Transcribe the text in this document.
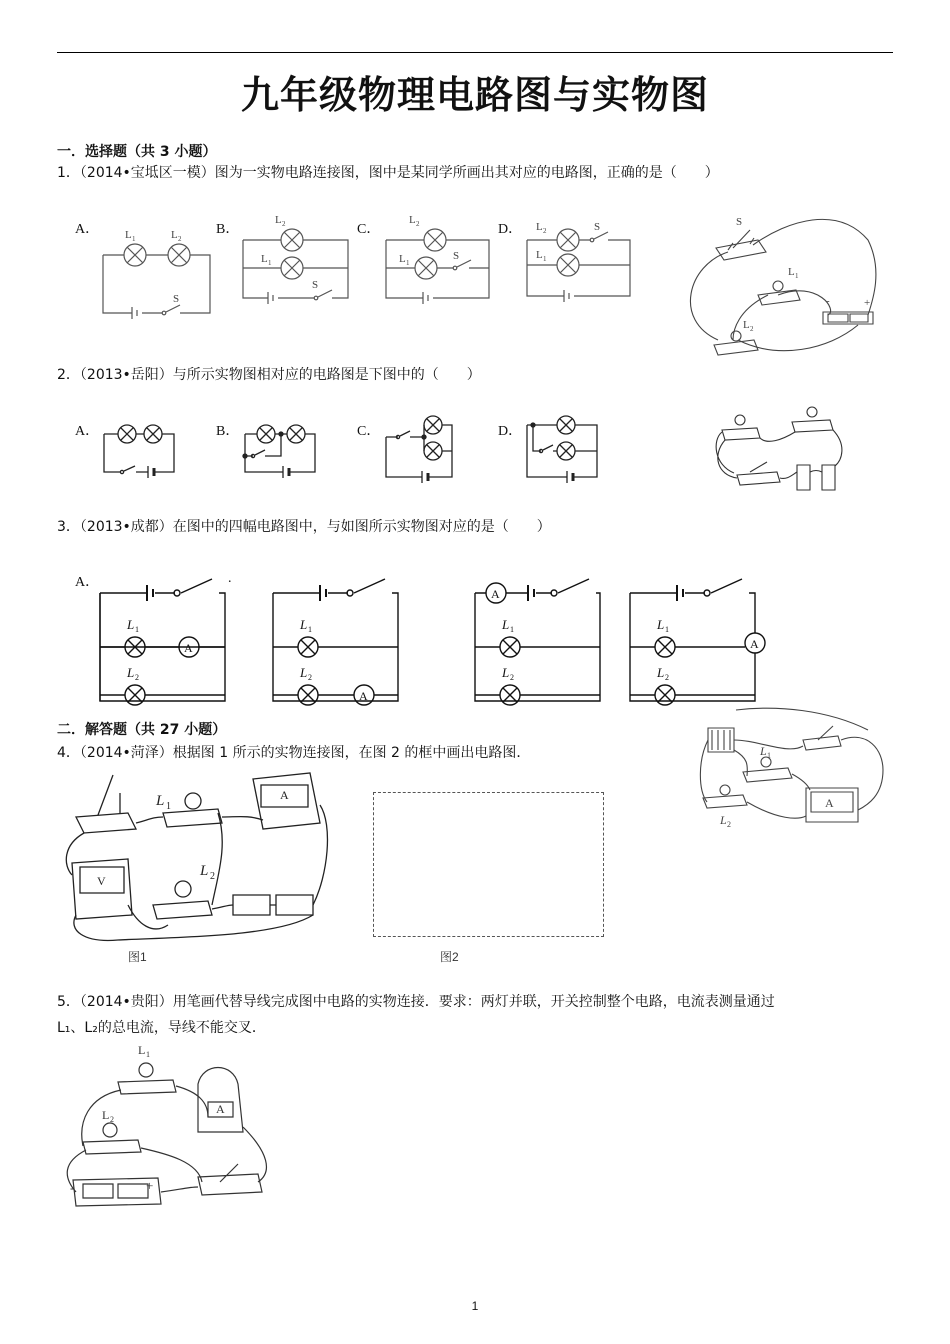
九年级物理电路图与实物图
一．选择题（共 3 小题）
1．（2014•宝坻区一模）图为一实物电路连接图，图中是某同学所画出其对应的电路图，正确的是（　　）
A．	B．	C．	D．
L 1	L 2
S
L 2
L 1
S
L 2
L 1
S
L 2
L 1
S	S
L 1
L 2
-	+
2．（2013•岳阳）与所示实物图相对应的电路图是下图中的（　　）
A．	B．	C．	D．
3．（2013•成都）在图中的四幅电路图中，与如图所示实物图对应的是（　　）
A．	.
A
L 1
L 2
A
L 1
L 2
A
L 1
L 2
A
L 1
L 2
二．解答题（共 27 小题）
4．（2014•菏泽）根据图 1 所示的实物连接图，在图 2 的框中画出电路图．	L 1
L 2
A
L 1
L 2
A
V
图1	图2
5．（2014•贵阳）用笔画代替导线完成图中电路的实物连接．要求：两灯并联，开关控制整个电路，电流表测量通过
L₁、L₂的总电流，导线不能交叉．
L 1
L 2
A
-	+
1
